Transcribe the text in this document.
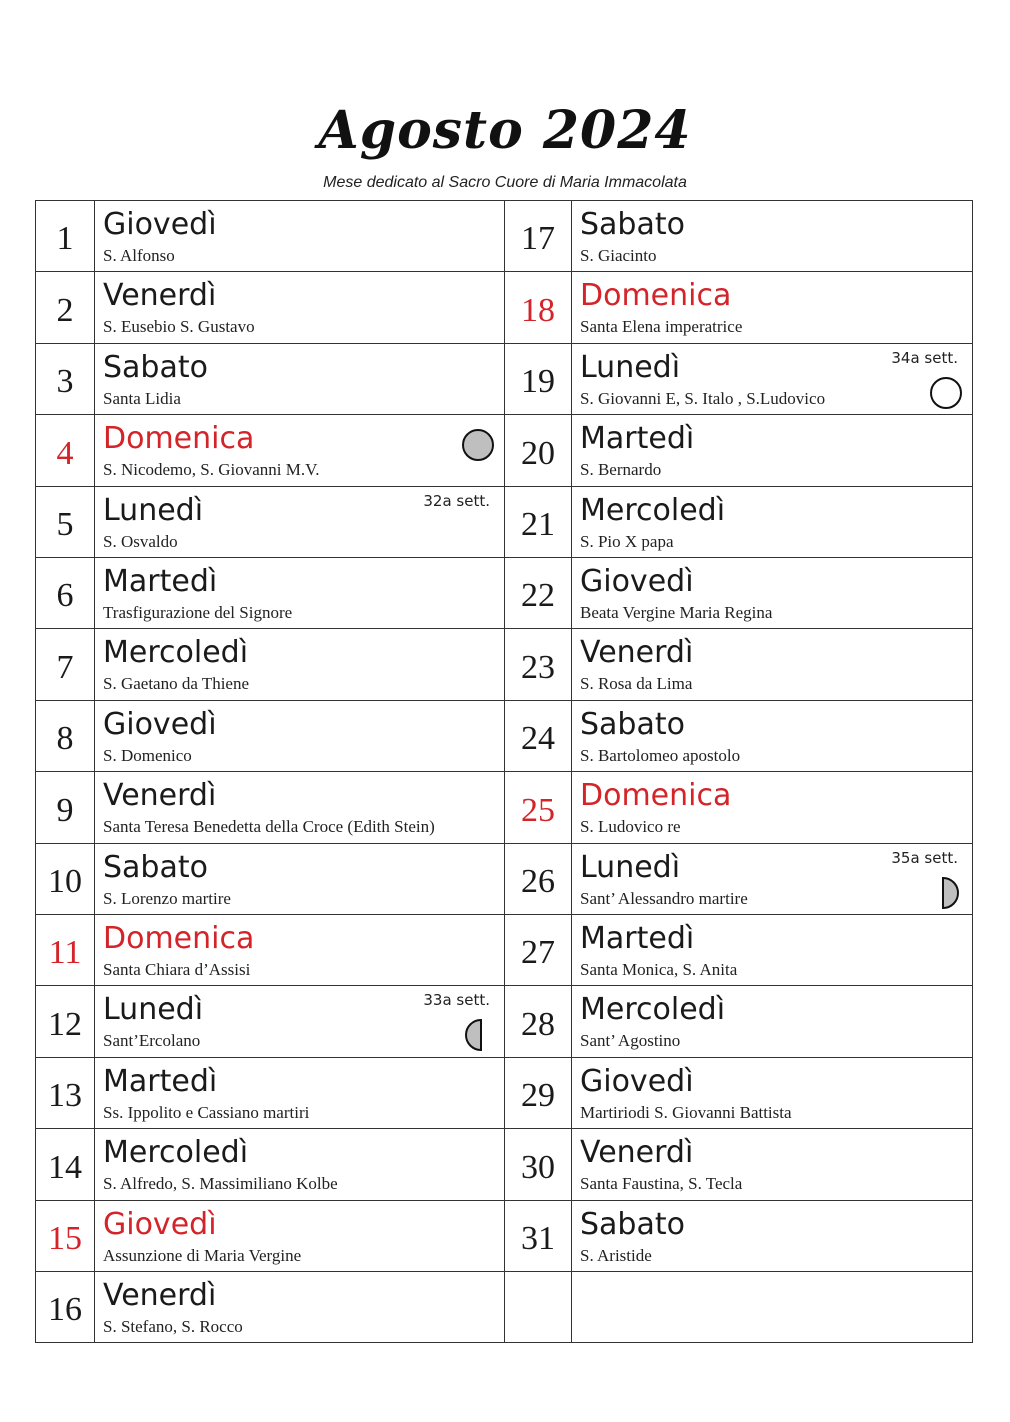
Agosto 2024
Mese dedicato al Sacro Cuore di Maria Immacolata
1 Giovedì
S. Alfonso
2 Venerdì
S. Eusebio S. Gustavo
3 Sabato
Santa Lidia
4 Domenica
S. Nicodemo, S. Giovanni M.V.
5 Lunedì
S. Osvaldo
32a sett.
6 Martedì
Trasfigurazione del Signore
7 Mercoledì
S. Gaetano da Thiene
8 Giovedì
S. Domenico
9 Venerdì
Santa Teresa Benedetta della Croce (Edith Stein)
10 Sabato
S. Lorenzo martire
11 Domenica
Santa Chiara d’Assisi
12 Lunedì
Sant’Ercolano
33a sett.
13 Martedì
Ss. Ippolito e Cassiano martiri
14 Mercoledì
S. Alfredo, S. Massimiliano Kolbe
15 Giovedì
Assunzione di Maria Vergine
16 Venerdì
S. Stefano, S. Rocco
17 Sabato
S. Giacinto
18 Domenica
Santa Elena imperatrice
19 Lunedì
S. Giovanni E, S. Italo , S.Ludovico
34a sett.
20 Martedì
S. Bernardo
21 Mercoledì
S. Pio X papa
22 Giovedì
Beata Vergine Maria Regina
23 Venerdì
S. Rosa da Lima
24 Sabato
S. Bartolomeo apostolo
25 Domenica
S. Ludovico re
26 Lunedì
Sant’ Alessandro martire
35a sett.
27 Martedì
Santa Monica, S. Anita
28 Mercoledì
Sant’ Agostino
29 Giovedì
Martiriodi S. Giovanni Battista
30 Venerdì
Santa Faustina, S. Tecla
31 Sabato
S. Aristide
